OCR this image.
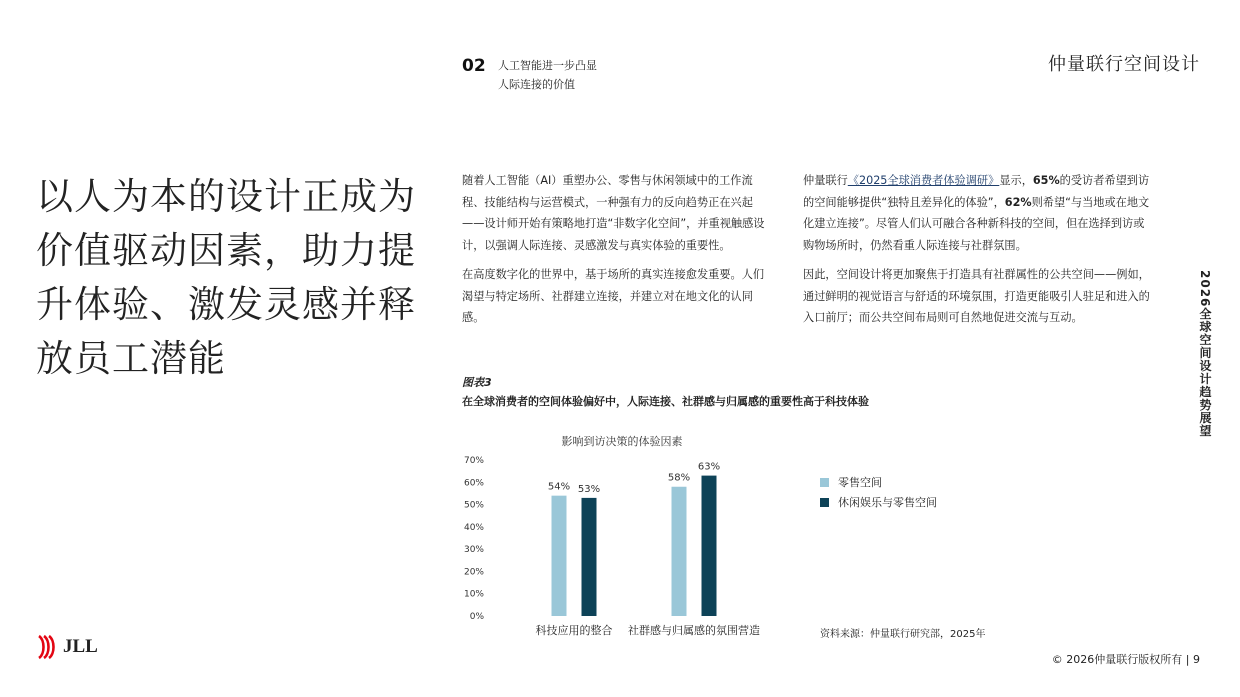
02 人工智能进一步凸显
人际连接的价值
仲量联行空间设计
以人为本的设计正成为价值驱动因素，助力提升体验、激发灵感并释放员工潜能

随着人工智能（AI）重塑办公、零售与休闲领域中的工作流程、技能结构与运营模式，一种强有力的反向趋势正在兴起——设计师开始有策略地打造“非数字化空间”，并重视触感设计，以强调人际连接、灵感激发与真实体验的重要性。

在高度数字化的世界中，基于场所的真实连接愈发重要。人们渴望与特定场所、社群建立连接，并建立对在地文化的认同感。

仲量联行《2025全球消费者体验调研》显示，65%的受访者希望到访的空间能够提供“独特且差异化的体验”，62%则希望“与当地或在地文化建立连接”。尽管人们认可融合各种新科技的空间，但在选择到访或购物场所时，仍然看重人际连接与社群氛围。

因此，空间设计将更加聚焦于打造具有社群属性的公共空间——例如，通过鲜明的视觉语言与舒适的环境氛围，打造更能吸引人驻足和进入的入口前厅；而公共空间布局则可自然地促进交流与互动。	2026全球空间设计趋势展望
图表3
在全球消费者的空间体验偏好中，人际连接、社群感与归属感的重要性高于科技体验
影响到访决策的体验因素
0%
10%
20%
30%
40%
50%
60%
70%
54% 53%
科技应用的整合
58%
63%
社群感与归属感的氛围营造
零售空间
休闲娱乐与零售空间
资料来源：仲量联行研究部，2025年
JLL
© 2026仲量联行版权所有 | 9
